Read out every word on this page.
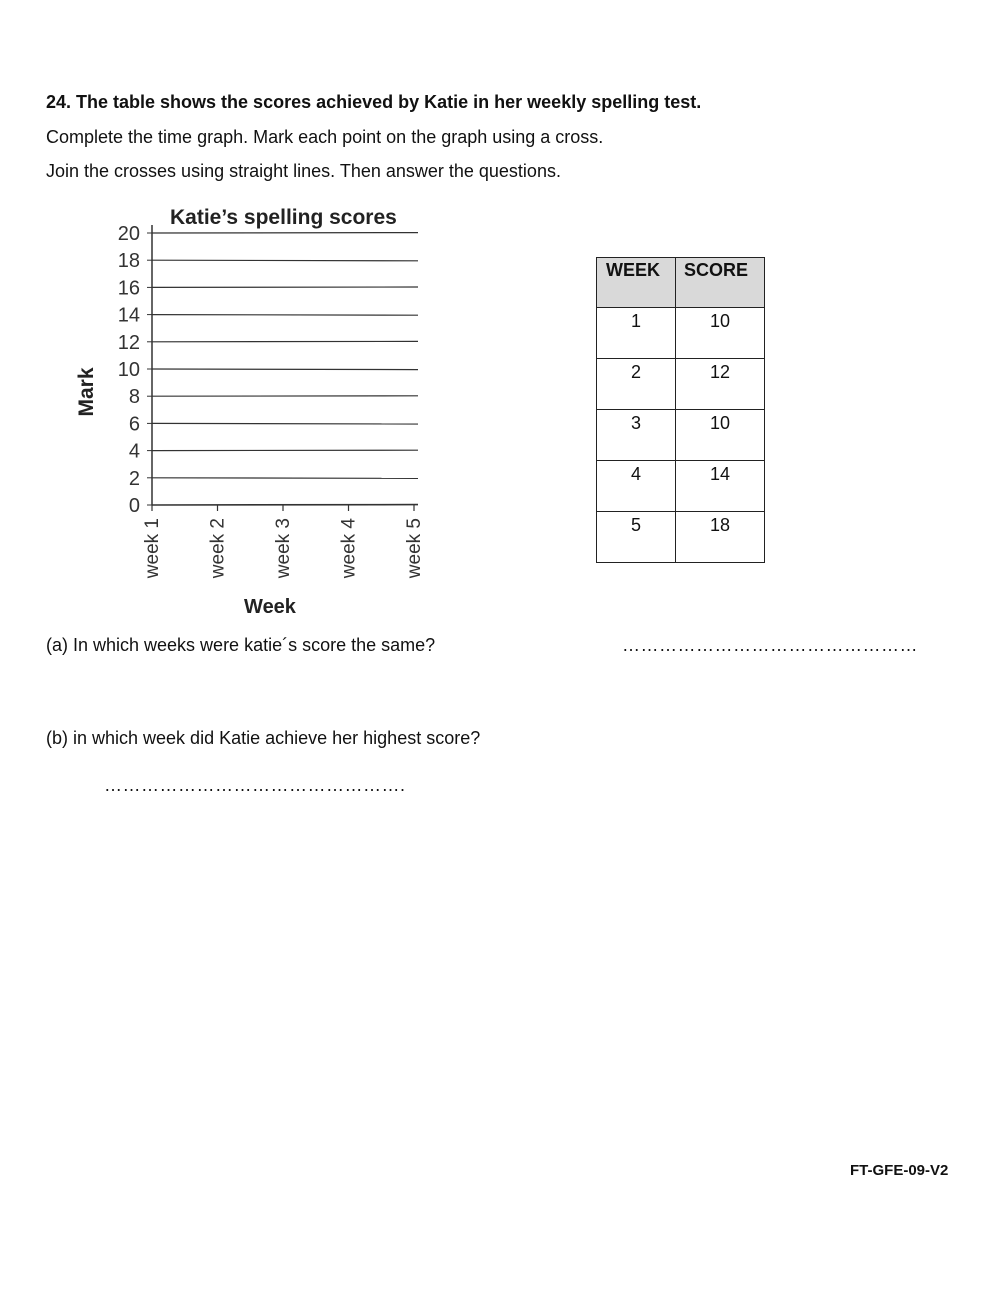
24. The table shows the scores achieved by Katie in her weekly spelling test.
Complete the time graph. Mark each point on the graph using a cross.
Join the crosses using straight lines. Then answer the questions.
Katie’s spelling scores
Mark
Week
0
2
4
6
8
10
12
14
16
18
20
week 1 week 2 week 3 week 4 week 5
WEEK	SCORE
1	10
2	12
3	10
4	14
5	18
(a) In which weeks were katie´s score the same?	…………………………………………
(b) in which week did Katie achieve her highest score?
………………………………………….
FT-GFE-09-V2
